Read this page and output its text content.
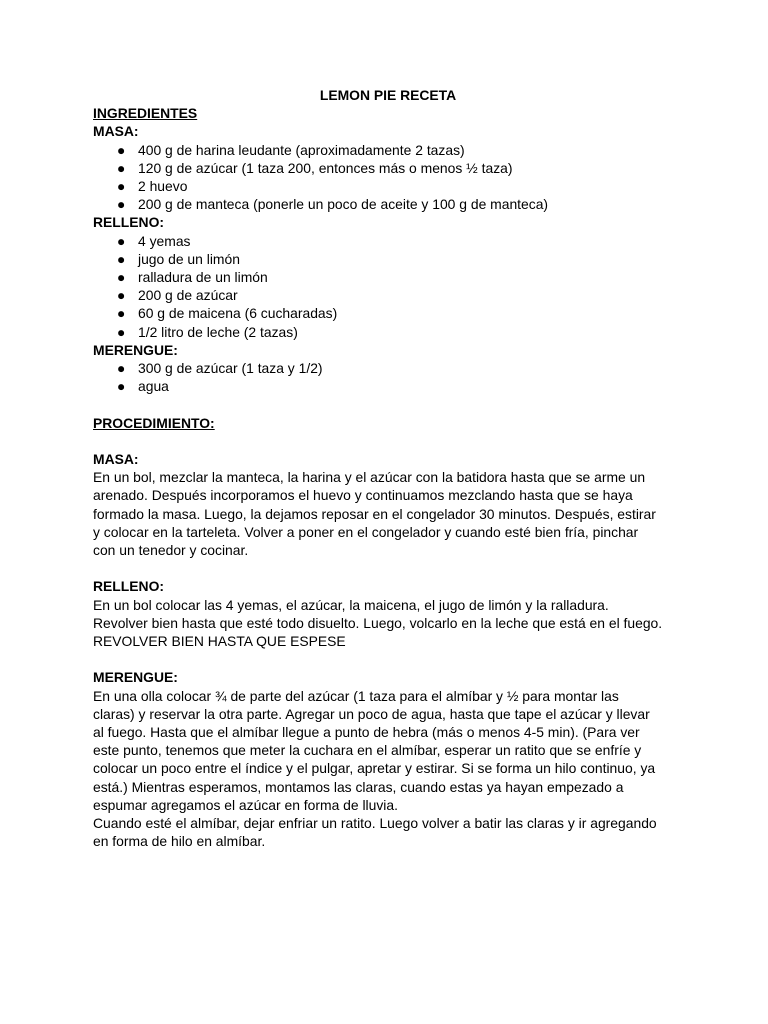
LEMON PIE RECETA
INGREDIENTES
MASA:
● 400 g de harina leudante (aproximadamente 2 tazas)
● 120 g de azúcar (1 taza 200, entonces más o menos ½ taza)
● 2 huevo
● 200 g de manteca (ponerle un poco de aceite y 100 g de manteca)
RELLENO:
● 4 yemas
● jugo de un limón
● ralladura de un limón
● 200 g de azúcar
● 60 g de maicena (6 cucharadas)
● 1/2 litro de leche (2 tazas)
MERENGUE:
● 300 g de azúcar (1 taza y 1/2)
● agua
PROCEDIMIENTO:
MASA:

En un bol, mezclar la manteca, la harina y el azúcar con la batidora hasta que se arme un
arenado. Después incorporamos el huevo y continuamos mezclando hasta que se haya
formado la masa. Luego, la dejamos reposar en el congelador 30 minutos. Después, estirar
y colocar en la tarteleta. Volver a poner en el congelador y cuando esté bien fría, pinchar
con un tenedor y cocinar.

RELLENO:

En un bol colocar las 4 yemas, el azúcar, la maicena, el jugo de limón y la ralladura.
Revolver bien hasta que esté todo disuelto. Luego, volcarlo en la leche que está en el fuego.
REVOLVER BIEN HASTA QUE ESPESE

MERENGUE:

En una olla colocar ¾ de parte del azúcar (1 taza para el almíbar y ½ para montar las
claras) y reservar la otra parte. Agregar un poco de agua, hasta que tape el azúcar y llevar
al fuego. Hasta que el almíbar llegue a punto de hebra (más o menos 4-5 min). (Para ver
este punto, tenemos que meter la cuchara en el almíbar, esperar un ratito que se enfríe y
colocar un poco entre el índice y el pulgar, apretar y estirar. Si se forma un hilo continuo, ya
está.) Mientras esperamos, montamos las claras, cuando estas ya hayan empezado a
espumar agregamos el azúcar en forma de lluvia.
Cuando esté el almíbar, dejar enfriar un ratito. Luego volver a batir las claras y ir agregando
en forma de hilo en almíbar.
